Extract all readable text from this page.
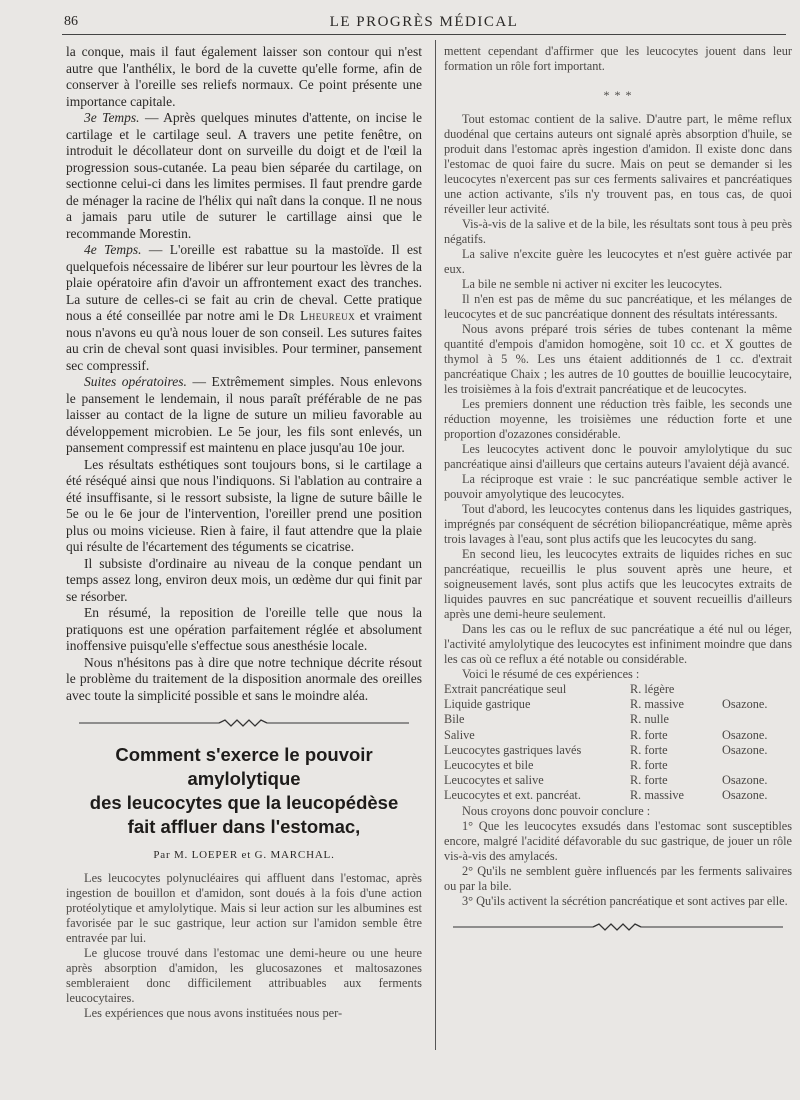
86	LE PROGRÈS MÉDICAL

la conque, mais il faut également laisser son contour qui n'est autre que l'anthélix, le bord de la cuvette qu'elle forme, afin de conserver à l'oreille ses reliefs normaux. Ce point présente une importance capitale.

3e Temps. — Après quelques minutes d'attente, on incise le cartilage et le cartilage seul. A travers une petite fenêtre, on introduit le décollateur dont on surveille du doigt et de l'œil la progression sous-cutanée. La peau bien séparée du cartilage, on sectionne celui-ci dans les limites permises. Il faut prendre garde de ménager la racine de l'hélix qui naît dans la conque. Il ne nous a jamais paru utile de suturer le cartillage ainsi que le recommande Morestin.

4e Temps. — L'oreille est rabattue su la mastoïde. Il est quelquefois nécessaire de libérer sur leur pourtour les lèvres de la plaie opératoire afin d'avoir un affrontement exact des tranches. La suture de celles-ci se fait au crin de cheval. Cette pratique nous a été conseillée par notre ami le Dr Lheureux et vraiment nous n'avons eu qu'à nous louer de son conseil. Les sutures faites au crin de cheval sont quasi invisibles. Pour terminer, pansement sec compressif.

Suites opératoires. — Extrêmement simples. Nous enlevons le pansement le lendemain, il nous paraît préférable de ne pas laisser au contact de la ligne de suture un milieu favorable au développement microbien. Le 5e jour, les fils sont enlevés, un pansement compressif est maintenu en place jusqu'au 10e jour.

Les résultats esthétiques sont toujours bons, si le cartilage a été réséqué ainsi que nous l'indiquons. Si l'ablation au contraire a été insuffisante, si le ressort subsiste, la ligne de suture bâille le 5e ou le 6e jour de l'intervention, l'oreiller prend une position plus ou moins vicieuse. Rien à faire, il faut attendre que la plaie qui résulte de l'écartement des téguments se cicatrise.

Il subsiste d'ordinaire au niveau de la conque pendant un temps assez long, environ deux mois, un œdème dur qui finit par se résorber.

En résumé, la reposition de l'oreille telle que nous la pratiquons est une opération parfaitement réglée et absolument inoffensive puisqu'elle s'effectue sous anesthésie locale.

Nous n'hésitons pas à dire que notre technique décrite résout le problème du traitement de la disposition anormale des oreilles avec toute la simplicité possible et sans le moindre aléa.

Comment s'exerce le pouvoir amylolytique
des leucocytes que la leucopédèse
fait affluer dans l'estomac,
Par M. LOEPER et G. MARCHAL.

Les leucocytes polynucléaires qui affluent dans l'estomac, après ingestion de bouillon et d'amidon, sont doués à la fois d'une action protéolytique et amylolytique. Mais si leur action sur les albumines est favorisée par le suc gastrique, leur action sur l'amidon semble être entravée par lui.

Le glucose trouvé dans l'estomac une demi-heure ou une heure après absorption d'amidon, les glucosazones et maltosazones sembleraient donc difficilement attribuables aux ferments leucocytaires.

Les expériences que nous avons instituées nous per-

mettent cependant d'affirmer que les leucocytes jouent dans leur formation un rôle fort important.

* * *

Tout estomac contient de la salive. D'autre part, le même reflux duodénal que certains auteurs ont signalé après absorption d'huile, se produit dans l'estomac après ingestion d'amidon. Il existe donc dans l'estomac de quoi faire du sucre. Mais on peut se demander si les leucocytes n'exercent pas sur ces ferments salivaires et pancréatiques une action activante, s'ils n'y trouvent pas, en tous cas, de quoi réveiller leur activité.

Vis-à-vis de la salive et de la bile, les résultats sont tous à peu près négatifs.

La salive n'excite guère les leucocytes et n'est guère activée par eux.

La bile ne semble ni activer ni exciter les leucocytes.

Il n'en est pas de même du suc pancréatique, et les mélanges de leucocytes et de suc pancréatique donnent des résultats intéressants.

Nous avons préparé trois séries de tubes contenant la même quantité d'empois d'amidon homogène, soit 10 cc. et X gouttes de thymol à 5 %. Les uns étaient additionnés de 1 cc. d'extrait pancréatique Chaix ; les autres de 10 gouttes de bouillie leucocytaire, les troisièmes à la fois d'extrait pancréatique et de leucocytes.

Les premiers donnent une réduction très faible, les seconds une réduction moyenne, les troisièmes une réduction forte et une proportion d'ozazones considérable.

Les leucocytes activent donc le pouvoir amylolytique du suc pancréatique ainsi d'ailleurs que certains auteurs l'avaient déjà avancé.

La réciproque est vraie : le suc pancréatique semble activer le pouvoir amyolytique des leucocytes.

Tout d'abord, les leucocytes contenus dans les liquides gastriques, imprégnés par conséquent de sécrétion biliopancréatique, même après trois lavages à l'eau, sont plus actifs que les leucocytes du sang.

En second lieu, les leucocytes extraits de liquides riches en suc pancréatique, recueillis le plus souvent après une heure, et soigneusement lavés, sont plus actifs que les leucocytes extraits de liquides pauvres en suc pancréatique et souvent recueillis d'ailleurs après une demi-heure seulement.

Dans les cas ou le reflux de suc pancréatique a été nul ou léger, l'activité amylolytique des leucocytes est infiniment moindre que dans les cas où ce reflux a été notable ou considérable.

Voici le résumé de ces expériences :

Extrait pancréatique seul	R. légère	
Liquide gastrique	R. massive	Osazone.
Bile	R. nulle	
Salive	R. forte	Osazone.
Leucocytes gastriques lavés	R. forte	Osazone.
Leucocytes et bile	R. forte	
Leucocytes et salive	R. forte	Osazone.
Leucocytes et ext. pancréat.	R. massive	Osazone.

Nous croyons donc pouvoir conclure :

1° Que les leucocytes exsudés dans l'estomac sont susceptibles encore, malgré l'acidité défavorable du suc gastrique, de jouer un rôle vis-à-vis des amylacés.

2° Qu'ils ne semblent guère influencés par les ferments salivaires ou par la bile.

3° Qu'ils activent la sécrétion pancréatique et sont actives par elle.
